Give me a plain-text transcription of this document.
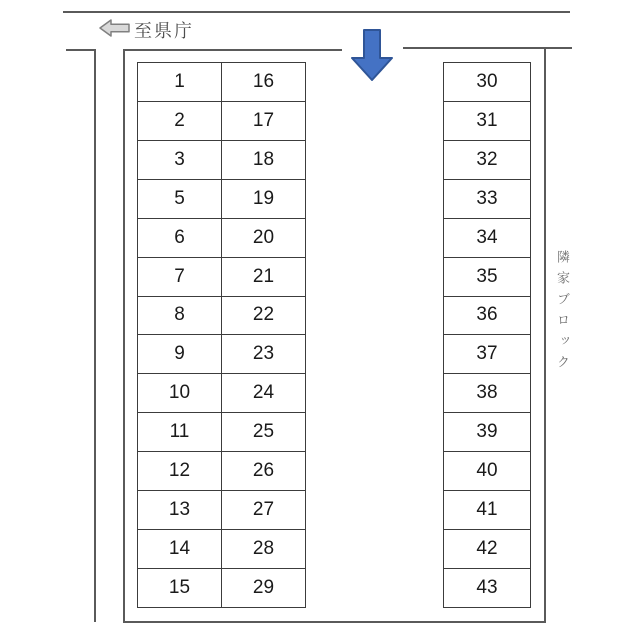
至県庁
1	16
2	17
3	18
5	19
6	20
7	21
8	22
9	23
10	24
11	25
12	26
13	27
14	28
15	29
30
31
32
33
34
35
36
37
38
39
40
41
42
43
隣家ブロック
